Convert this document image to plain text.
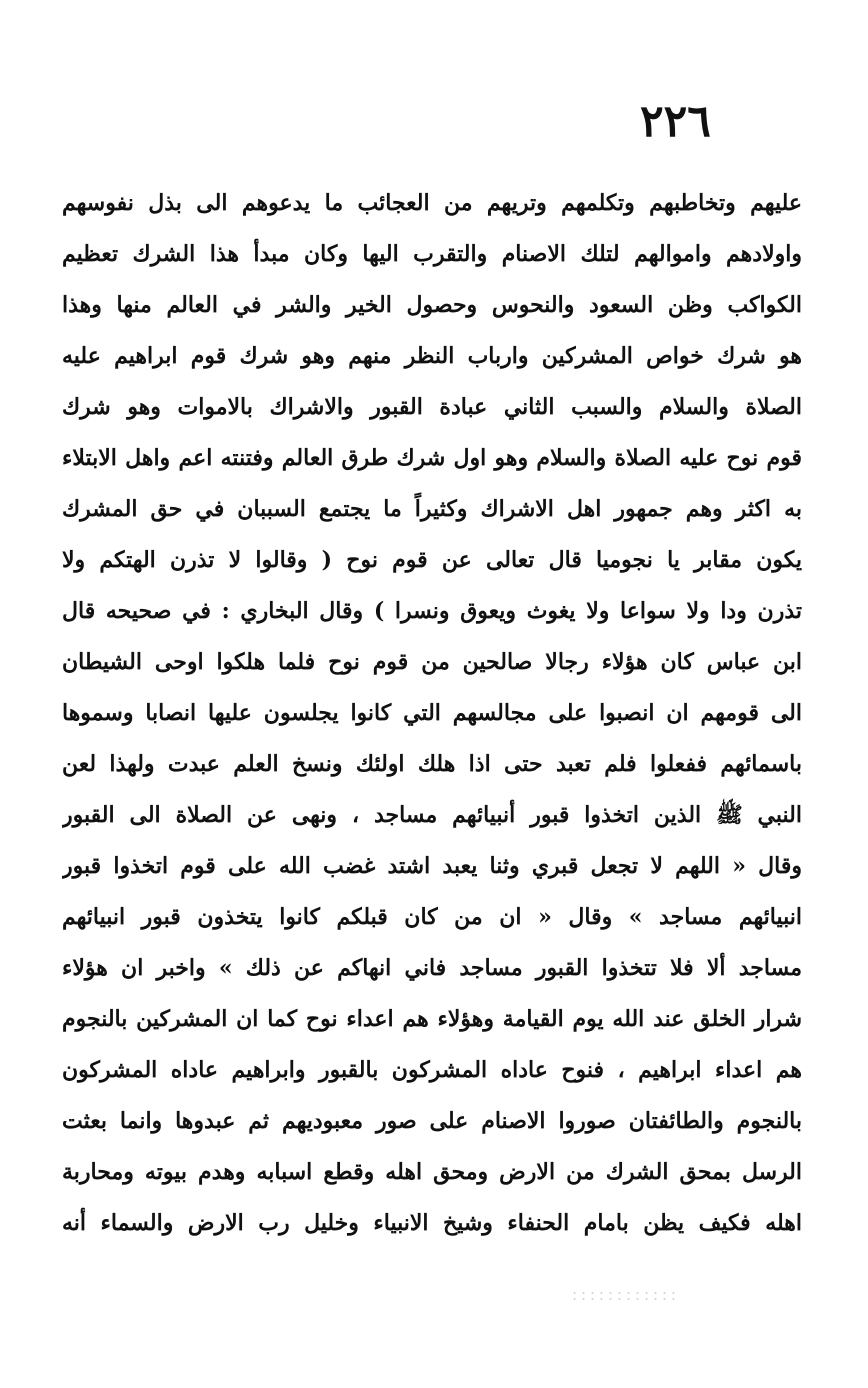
٢٢٦
عليهم وتخاطبهم وتكلمهم وتريهم من العجائب ما يدعوهم الى بذل نفوسهم
واولادهم واموالهم لتلك الاصنام والتقرب اليها وكان مبدأ هذا الشرك تعظيم
الكواكب وظن السعود والنحوس وحصول الخير والشر في العالم منها وهذا
هو شرك خواص المشركين وارباب النظر منهم وهو شرك قوم ابراهيم عليه
الصلاة والسلام والسبب الثاني عبادة القبور والاشراك بالاموات وهو شرك
قوم نوح عليه الصلاة والسلام وهو اول شرك طرق العالم وفتنته اعم واهل الابتلاء
به اكثر وهم جمهور اهل الاشراك وكثيراً ما يجتمع السببان في حق المشرك
يكون مقابر يا نجوميا قال تعالى عن قوم نوح ( وقالوا لا تذرن الهتكم ولا
تذرن ودا ولا سواعا ولا يغوث ويعوق ونسرا ) وقال البخاري : في صحيحه قال
ابن عباس كان هؤلاء رجالا صالحين من قوم نوح فلما هلكوا اوحى الشيطان
الى قومهم ان انصبوا على مجالسهم التي كانوا يجلسون عليها انصابا وسموها
باسمائهم ففعلوا فلم تعبد حتى اذا هلك اولئك ونسخ العلم عبدت ولهذا لعن
النبي ﷺ الذين اتخذوا قبور أنبيائهم مساجد ، ونهى عن الصلاة الى القبور
وقال « اللهم لا تجعل قبري وثنا يعبد اشتد غضب الله على قوم اتخذوا قبور
انبيائهم مساجد » وقال « ان من كان قبلكم كانوا يتخذون قبور انبيائهم
مساجد ألا فلا تتخذوا القبور مساجد فاني انهاكم عن ذلك » واخبر ان هؤلاء
شرار الخلق عند الله يوم القيامة وهؤلاء هم اعداء نوح كما ان المشركين بالنجوم
هم اعداء ابراهيم ، فنوح عاداه المشركون بالقبور وابراهيم عاداه المشركون
بالنجوم والطائفتان صوروا الاصنام على صور معبوديهم ثم عبدوها وانما بعثت
الرسل بمحق الشرك من الارض ومحق اهله وقطع اسبابه وهدم بيوته ومحاربة
اهله فكيف يظن بامام الحنفاء وشيخ الانبياء وخليل رب الارض والسماء أنه
